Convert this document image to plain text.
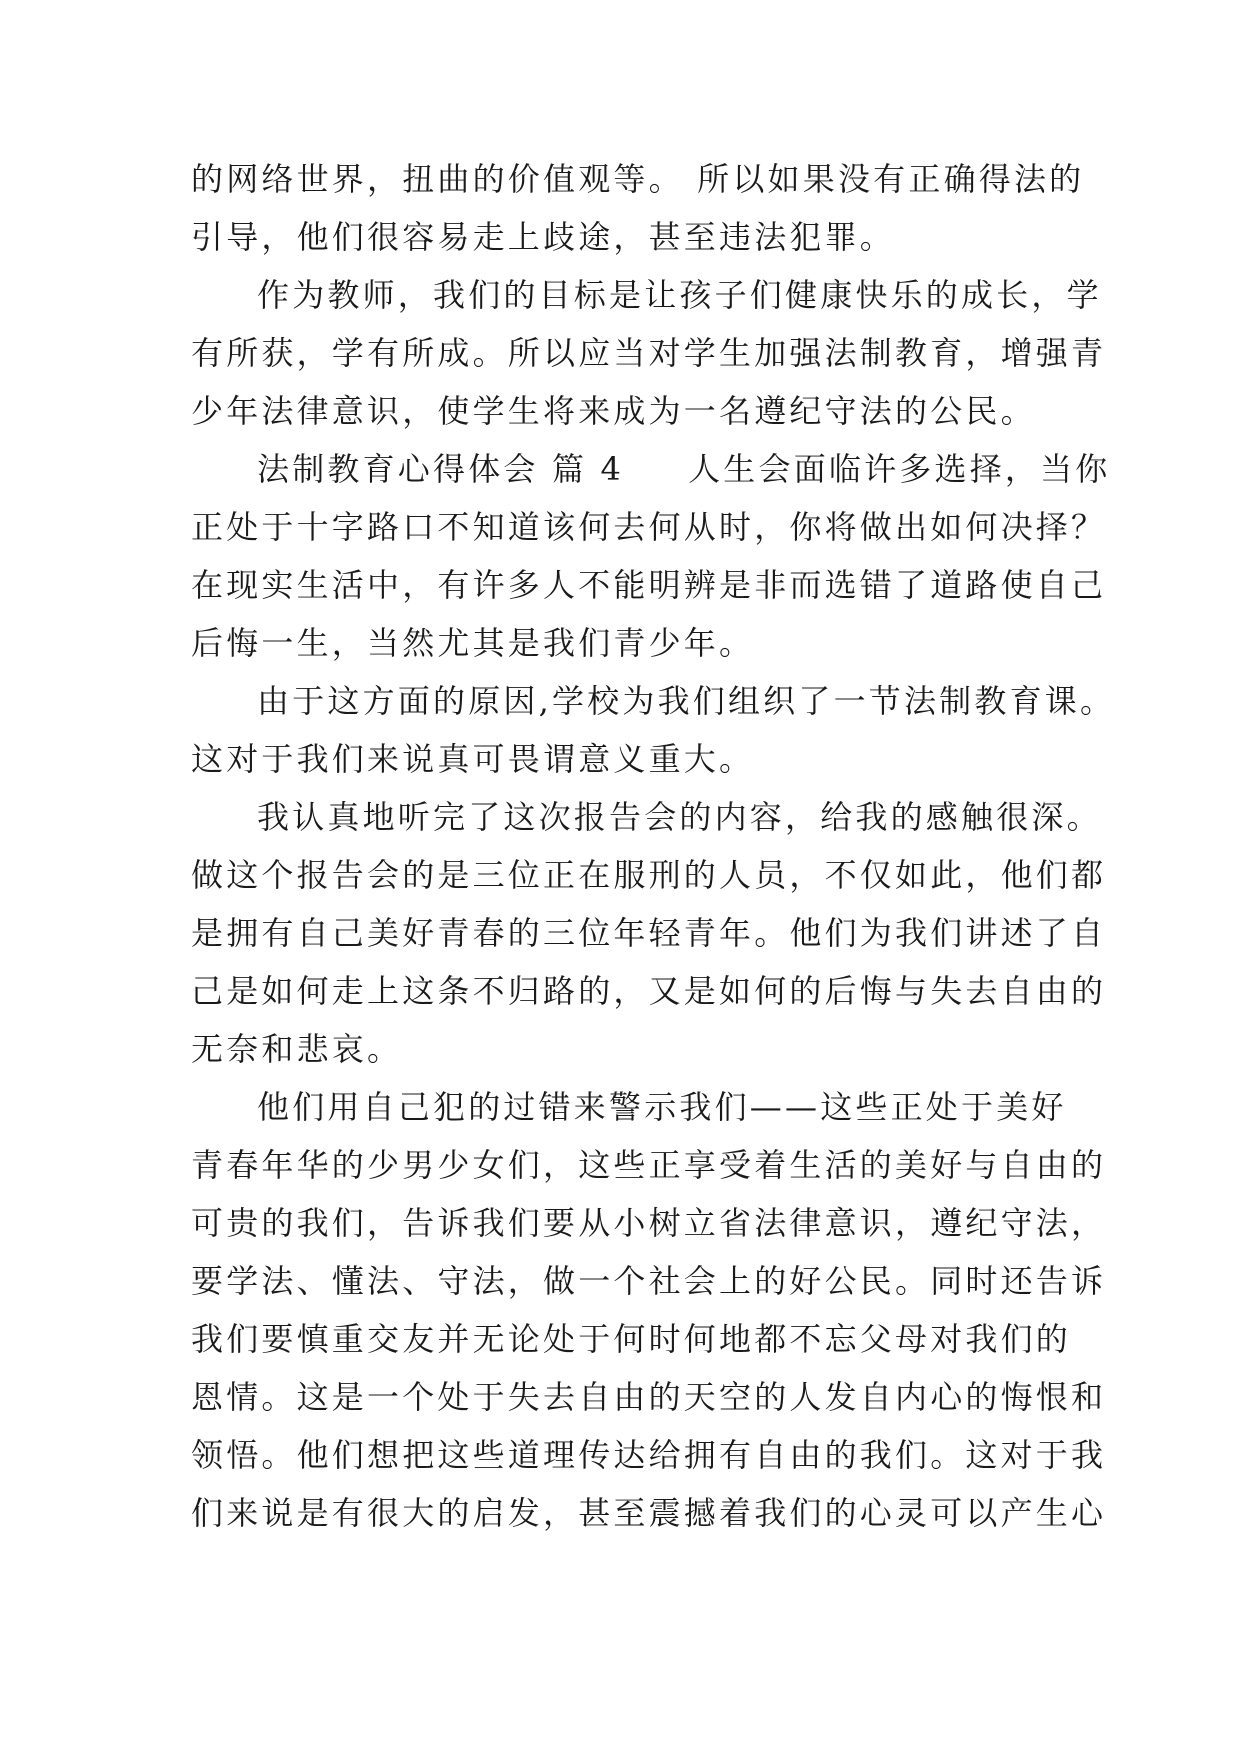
的网络世界，扭曲的价值观等。 所以如果没有正确得法的
引导，他们很容易走上歧途，甚至违法犯罪。
作为教师，我们的目标是让孩子们健康快乐的成长，学
有所获，学有所成。所以应当对学生加强法制教育，增强青
少年法律意识，使学生将来成为一名遵纪守法的公民。
法制教育心得体会 篇 4 人生会面临许多选择，当你
正处于十字路口不知道该何去何从时，你将做出如何决择？
在现实生活中，有许多人不能明辨是非而选错了道路使自己
后悔一生，当然尤其是我们青少年。
由于这方面的原因,学校为我们组织了一节法制教育课。
这对于我们来说真可畏谓意义重大。
我认真地听完了这次报告会的内容，给我的感触很深。
做这个报告会的是三位正在服刑的人员，不仅如此，他们都
是拥有自己美好青春的三位年轻青年。他们为我们讲述了自
己是如何走上这条不归路的，又是如何的后悔与失去自由的
无奈和悲哀。
他们用自己犯的过错来警示我们——这些正处于美好
青春年华的少男少女们，这些正享受着生活的美好与自由的
可贵的我们，告诉我们要从小树立省法律意识，遵纪守法，
要学法、懂法、守法，做一个社会上的好公民。同时还告诉
我们要慎重交友并无论处于何时何地都不忘父母对我们的
恩情。这是一个处于失去自由的天空的人发自内心的悔恨和
领悟。他们想把这些道理传达给拥有自由的我们。这对于我
们来说是有很大的启发，甚至震撼着我们的心灵可以产生心
